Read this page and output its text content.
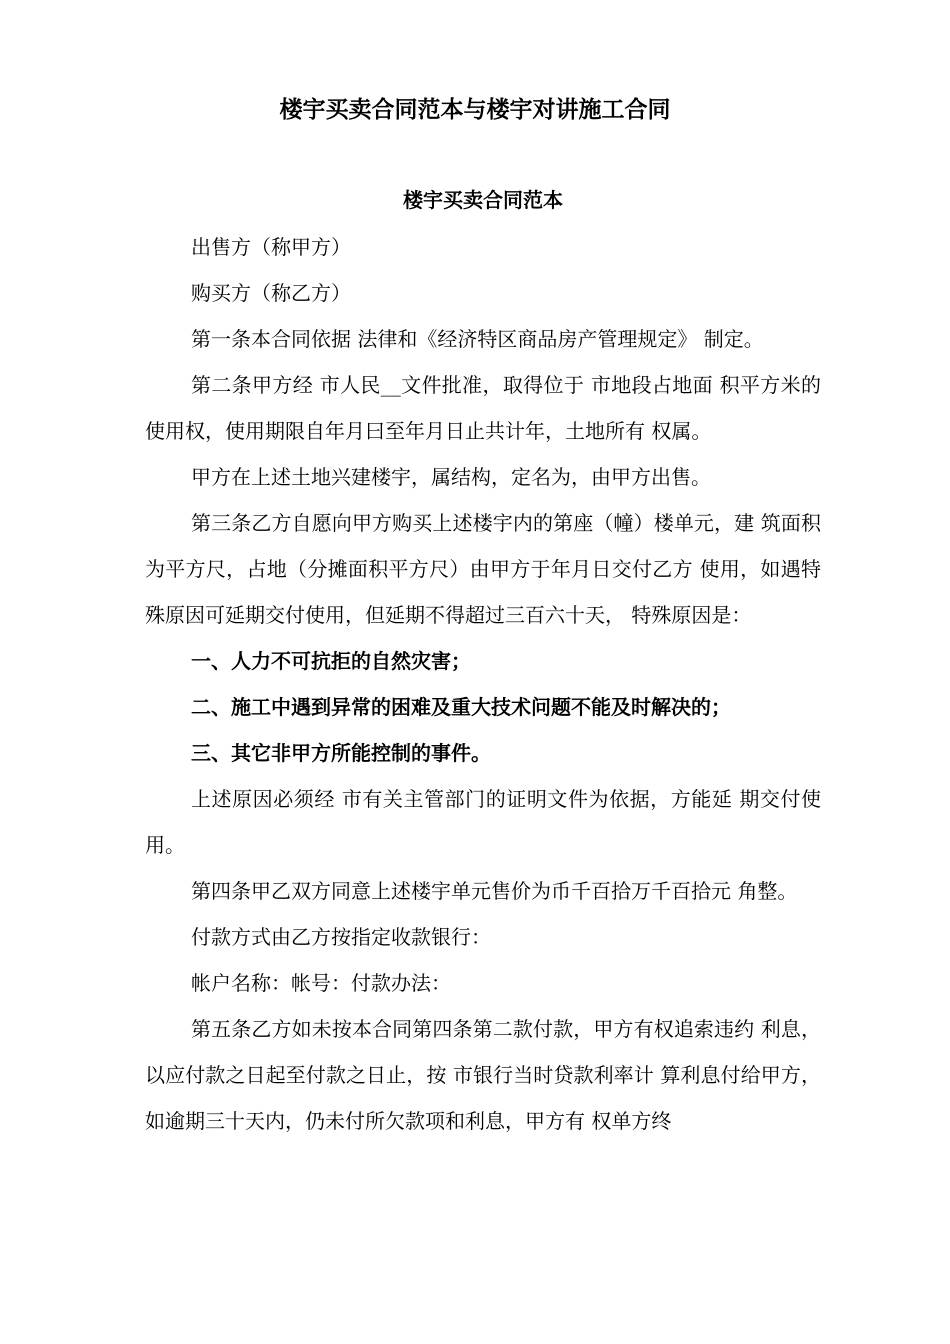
楼宇买卖合同范本与楼宇对讲施工合同
楼宇买卖合同范本

出售方（称甲方）

购买方（称乙方）

第一条本合同依据 法律和《经济特区商品房产管理规定》 制定。

第二条甲方经 市人民__文件批准，取得位于 市地段占地面 积平方米的使用权，使用期限自年月曰至年月日止共计年，土地所有 权属。

甲方在上述土地兴建楼宇，属结构，定名为，由甲方出售。

第三条乙方自愿向甲方购买上述楼宇内的第座（幢）楼单元，建 筑面积为平方尺，占地（分摊面积平方尺）由甲方于年月日交付乙方 使用，如遇特殊原因可延期交付使用，但延期不得超过三百六十天， 特殊原因是：

一、人力不可抗拒的自然灾害；

二、施工中遇到异常的困难及重大技术问题不能及时解决的；

三、其它非甲方所能控制的事件。

上述原因必须经 市有关主管部门的证明文件为依据，方能延 期交付使用。

第四条甲乙双方同意上述楼宇单元售价为币千百拾万千百拾元 角整。

付款方式由乙方按指定收款银行：

帐户名称：帐号：付款办法：

第五条乙方如未按本合同第四条第二款付款，甲方有权追索违约 利息，以应付款之日起至付款之日止，按 市银行当时贷款利率计 算利息付给甲方，如逾期三十天内，仍未付所欠款项和利息，甲方有 权单方终
